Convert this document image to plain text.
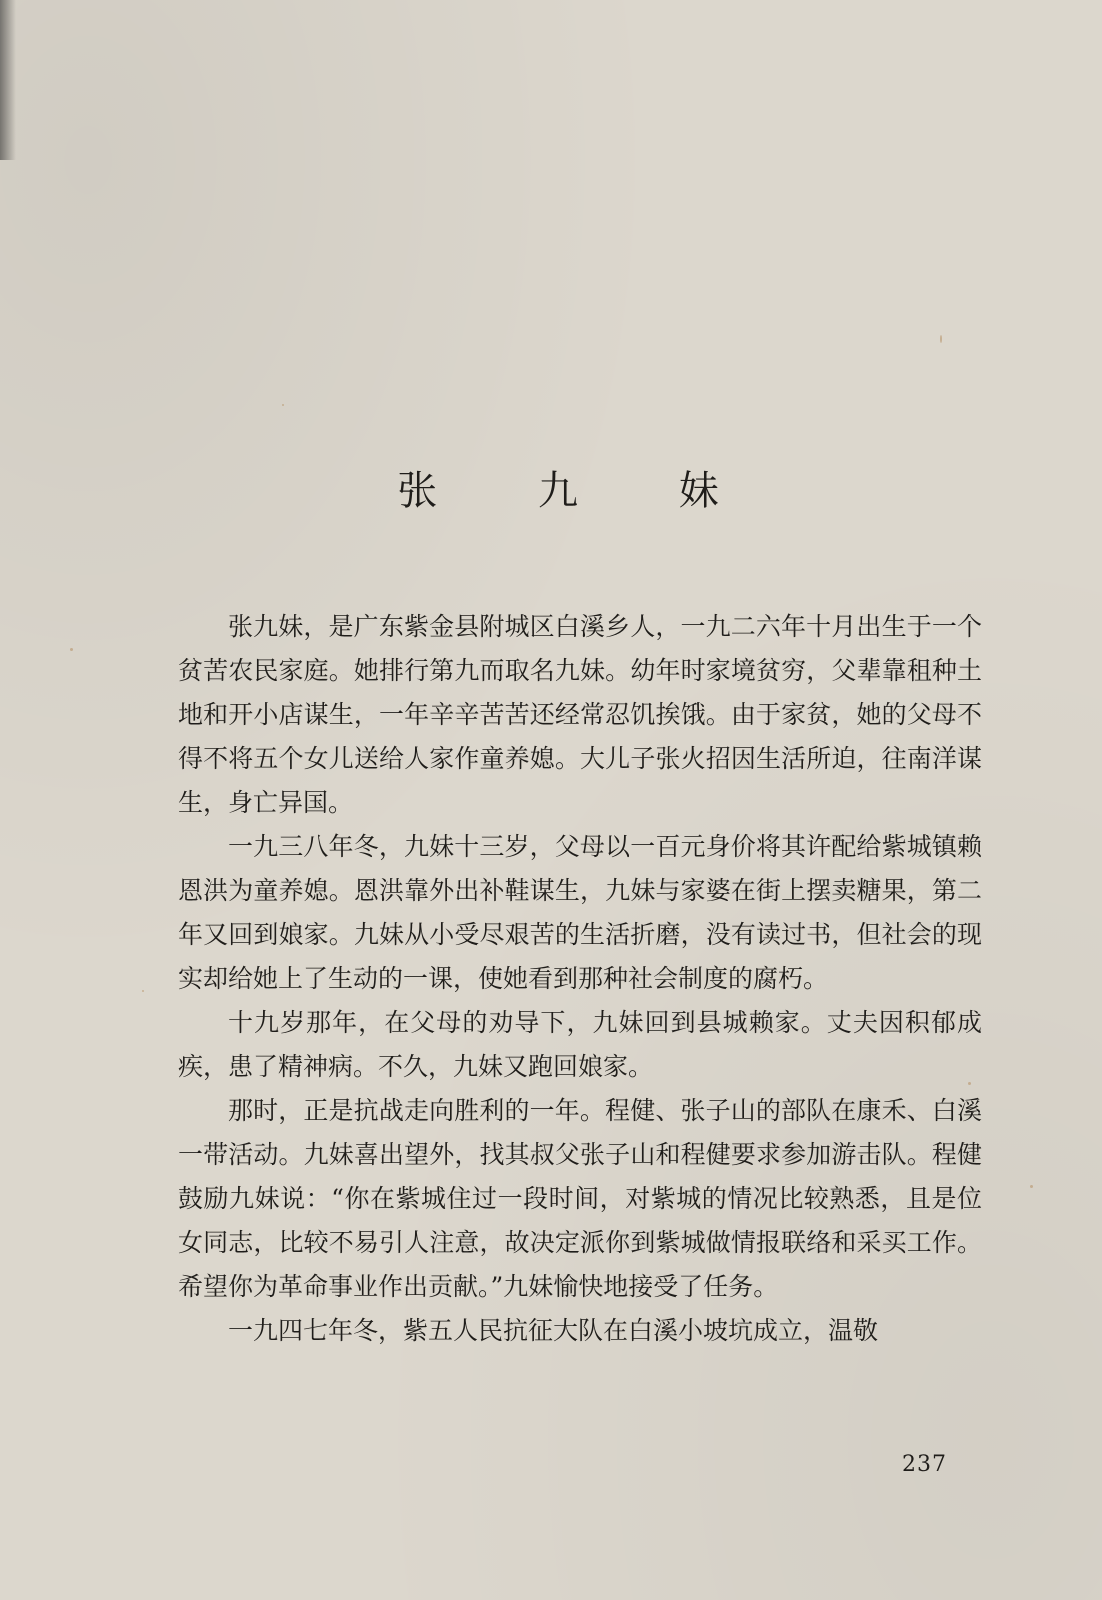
张 九 妹

张九妹，是广东紫金县附城区白溪乡人，一九二六年十月出生于一个贫苦农民家庭。她排行第九而取名九妹。幼年时家境贫穷，父辈靠租种土地和开小店谋生，一年辛辛苦苦还经常忍饥挨饿。由于家贫，她的父母不得不将五个女儿送给人家作童养媳。大儿子张火招因生活所迫，往南洋谋生，身亡异国。

一九三八年冬，九妹十三岁，父母以一百元身价将其许配给紫城镇赖恩洪为童养媳。恩洪靠外出补鞋谋生，九妹与家婆在街上摆卖糖果，第二年又回到娘家。九妹从小受尽艰苦的生活折磨，没有读过书，但社会的现实却给她上了生动的一课，使她看到那种社会制度的腐朽。

十九岁那年，在父母的劝导下，九妹回到县城赖家。丈夫因积郁成疾，患了精神病。不久，九妹又跑回娘家。

那时，正是抗战走向胜利的一年。程健、张子山的部队在康禾、白溪一带活动。九妹喜出望外，找其叔父张子山和程健要求参加游击队。程健鼓励九妹说：“你在紫城住过一段时间，对紫城的情况比较熟悉，且是位女同志，比较不易引人注意，故决定派你到紫城做情报联络和采买工作。希望你为革命事业作出贡献。”九妹愉快地接受了任务。

一九四七年冬，紫五人民抗征大队在白溪小坡坑成立，温敬

237
